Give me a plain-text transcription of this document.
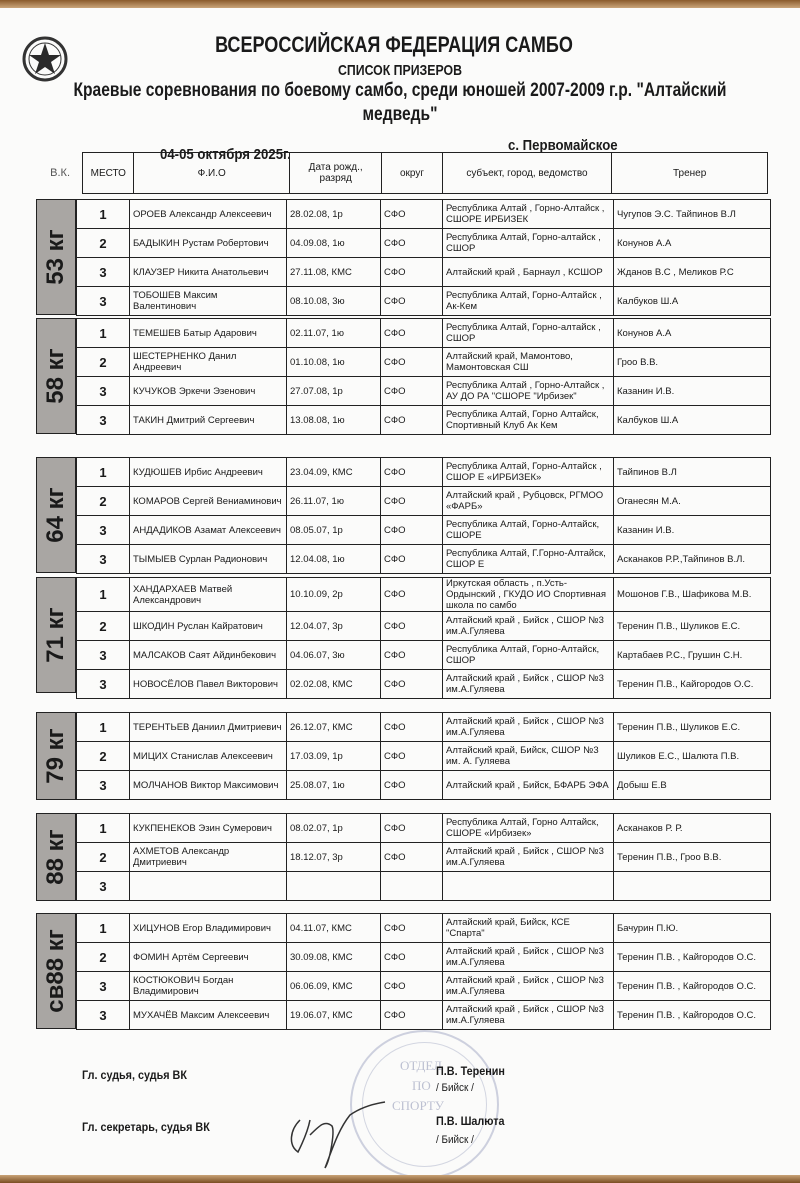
ВСЕРОССИЙСКАЯ ФЕДЕРАЦИЯ САМБО
СПИСОК ПРИЗЕРОВ
Краевые соревнования по боевому самбо, среди юношей 2007-2009 г.р. "Алтайский
медведь"
04-05 октября 2025г.
с. Первомайское
В.К.	МЕСТО	Ф.И.О	Дата рожд., разряд	округ	субъект, город, ведомство	Тренер
53 кг
1	ОРОЕВ Александр Алексеевич	28.02.08, 1р	СФО	Республика Алтай , Горно-Алтайск , СШОРЕ ИРБИЗЕК	Чугупов Э.С. Тайпинов В.Л
2	БАДЫКИН Рустам Робертович	04.09.08, 1ю	СФО	Республика Алтай, Горно-алтайск , СШОР	Конунов А.А
3	КЛАУЗЕР Никита Анатольевич	27.11.08, КМС	СФО	Алтайский край , Барнаул , КСШОР	Жданов В.С , Меликов Р.С
3	ТОБОШЕВ Максим Валентинович	08.10.08, 3ю	СФО	Республика Алтай, Горно-Алтайск , Ак-Кем	Калбуков Ш.А
58 кг
1	ТЕМЕШЕВ Батыр Адарович	02.11.07, 1ю	СФО	Республика Алтай, Горно-алтайск , СШОР	Конунов А.А
2	ШЕСТЕРНЕНКО Данил Андреевич	01.10.08, 1ю	СФО	Алтайский край, Мамонтово, Мамонтовская СШ	Гроо В.В.
3	КУЧУКОВ Эркечи Эзенович	27.07.08, 1р	СФО	Республика Алтай , Горно-Алтайск , АУ ДО РА "СШОРЕ "Ирбизек"	Казанин И.В.
3	ТАКИН Дмитрий Сергеевич	13.08.08, 1ю	СФО	Республика Алтай, Горно Алтайск, Спортивный Клуб Ак Кем	Калбуков Ш.А
64 кг
1	КУДЮШЕВ Ирбис Андреевич	23.04.09, КМС	СФО	Республика Алтай, Горно-Алтайск , СШОР Е «ИРБИЗЕК»	Тайпинов В.Л
2	КОМАРОВ Сергей Вениаминович	26.11.07, 1ю	СФО	Алтайский край , Рубцовск, РГМОО «ФАРБ»	Оганесян М.А.
3	АНДАДИКОВ Азамат Алексеевич	08.05.07, 1р	СФО	Республика Алтай, Горно-Алтайск, СШОРЕ	Казанин И.В.
3	ТЫМЫЕВ Сурлан Радионович	12.04.08, 1ю	СФО	Республика Алтай, Г.Горно-Алтайск, СШОР Е	Асканаков Р.Р.,Тайпинов В.Л.
71 кг
1	ХАНДАРХАЕВ Матвей Александрович	10.10.09, 2р	СФО	Иркутская область , п.Усть-Ордынский , ГКУДО ИО Спортивная школа по самбо	Мошонов Г.В., Шафикова М.В.
2	ШКОДИН Руслан Кайратович	12.04.07, 3р	СФО	Алтайский край , Бийск , СШОР №3 им.А.Гуляева	Теренин П.В., Шуликов Е.С.
3	МАЛСАКОВ Саят Айдинбекович	04.06.07, 3ю	СФО	Республика Алтай, Горно-Алтайск, СШОР	Картабаев Р.С., Грушин С.Н.
3	НОВОСЁЛОВ Павел Викторович	02.02.08, КМС	СФО	Алтайский край , Бийск , СШОР №3 им.А.Гуляева	Теренин П.В., Кайгородов О.С.
79 кг
1	ТЕРЕНТЬЕВ Даниил Дмитриевич	26.12.07, КМС	СФО	Алтайский край , Бийск , СШОР №3 им.А.Гуляева	Теренин П.В., Шуликов Е.С.
2	МИЦИХ Станислав Алексеевич	17.03.09, 1р	СФО	Алтайский край, Бийск, СШОР №3 им. А. Гуляева	Шуликов Е.С., Шалюта П.В.
3	МОЛЧАНОВ Виктор Максимович	25.08.07, 1ю	СФО	Алтайский край , Бийск, БФАРБ ЭФА	Добыш Е.В
88 кг
1	КУКПЕНЕКОВ Эзин Сумерович	08.02.07, 1р	СФО	Республика Алтай, Горно Алтайск, СШОРЕ «Ирбизек»	Асканаков Р. Р.
2	АХМЕТОВ Александр Дмитриевич	18.12.07, 3р	СФО	Алтайский край , Бийск , СШОР №3 им.А.Гуляева	Теренин П.В., Гроо В.В.
3					
св88 кг
1	ХИЦУНОВ Егор Владимирович	04.11.07, КМС	СФО	Алтайский край, Бийск, КСЕ "Спарта"	Бачурин П.Ю.
2	ФОМИН Артём Сергеевич	30.09.08, КМС	СФО	Алтайский край , Бийск , СШОР №3 им.А.Гуляева	Теренин П.В. , Кайгородов О.С.
3	КОСТЮКОВИЧ Богдан Владимирович	06.06.09, КМС	СФО	Алтайский край , Бийск , СШОР №3 им.А.Гуляева	Теренин П.В. , Кайгородов О.С.
3	МУХАЧЁВ Максим Алексеевич	19.06.07, КМС	СФО	Алтайский край , Бийск , СШОР №3 им.А.Гуляева	Теренин П.В. , Кайгородов О.С.
ОТДЕЛ
ПО
СПОРТУ
Гл. судья, судья ВК	П.В. Теренин
/ Бийск /
Гл. секретарь, судья ВК	П.В. Шалюта
/ Бийск /
